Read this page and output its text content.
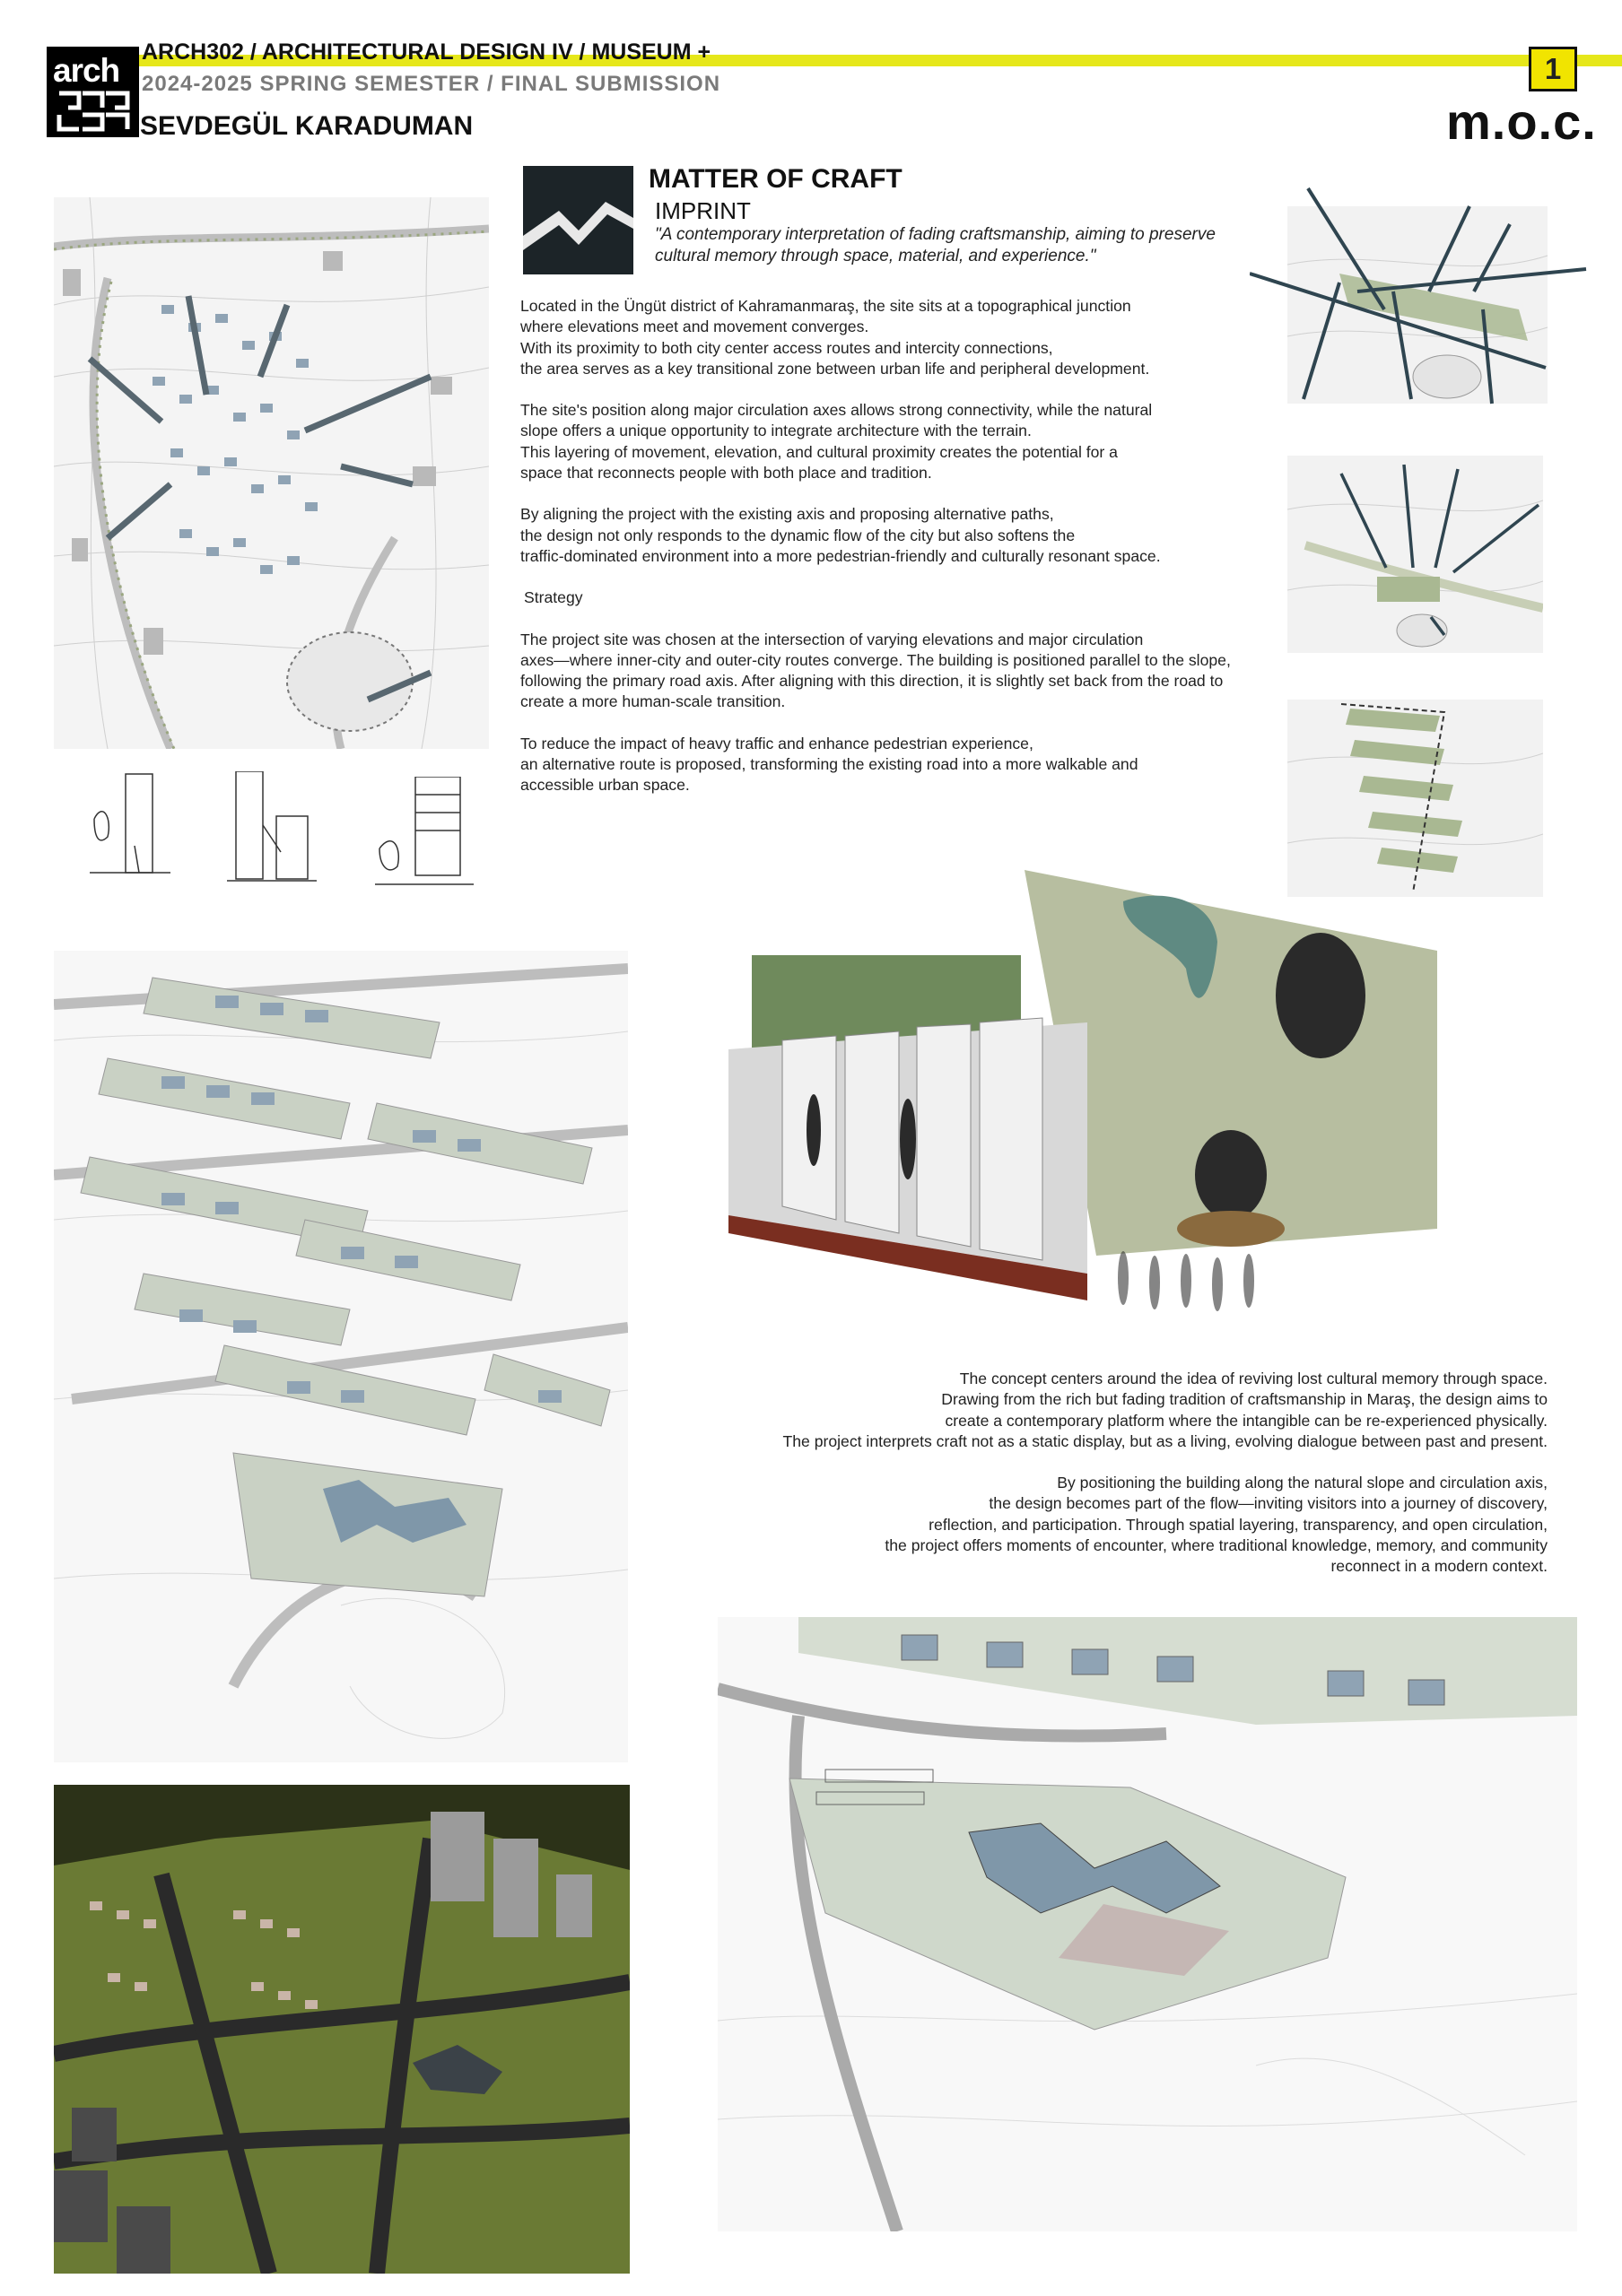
arch ARCH302 / ARCHITECTURAL DESIGN IV / MUSEUM +
2024-2025 SPRING SEMESTER / FINAL SUBMISSION
SEVDEGÜL KARADUMAN
1
m.o.c.
MATTER OF CRAFT
IMPRINT
"A contemporary interpretation of fading craftsmanship, aiming to preserve cultural memory through space, material, and experience."

Located in the Üngüt district of Kahramanmaraş, the site sits at a topographical junction
where elevations meet and movement converges.
With its proximity to both city center access routes and intercity connections,
the area serves as a key transitional zone between urban life and peripheral development.

The site's position along major circulation axes allows strong connectivity, while the natural
slope offers a unique opportunity to integrate architecture with the terrain.
This layering of movement, elevation, and cultural proximity creates the potential for a
space that reconnects people with both place and tradition.

By aligning the project with the existing axis and proposing alternative paths,
the design not only responds to the dynamic flow of the city but also softens the
traffic-dominated environment into a more pedestrian-friendly and culturally resonant space.

Strategy

The project site was chosen at the intersection of varying elevations and major circulation
axes—where inner-city and outer-city routes converge. The building is positioned parallel to the slope,
following the primary road axis. After aligning with this direction, it is slightly set back from the road to
create a more human-scale transition.

To reduce the impact of heavy traffic and enhance pedestrian experience,
an alternative route is proposed, transforming the existing road into a more walkable and
accessible urban space.

The concept centers around the idea of reviving lost cultural memory through space.
Drawing from the rich but fading tradition of craftsmanship in Maraş, the design aims to
create a contemporary platform where the intangible can be re-experienced physically.
The project interprets craft not as a static display, but as a living, evolving dialogue between past and present.

By positioning the building along the natural slope and circulation axis,
the design becomes part of the flow—inviting visitors into a journey of discovery,
reflection, and participation. Through spatial layering, transparency, and open circulation,
the project offers moments of encounter, where traditional knowledge, memory, and community
reconnect in a modern context.
